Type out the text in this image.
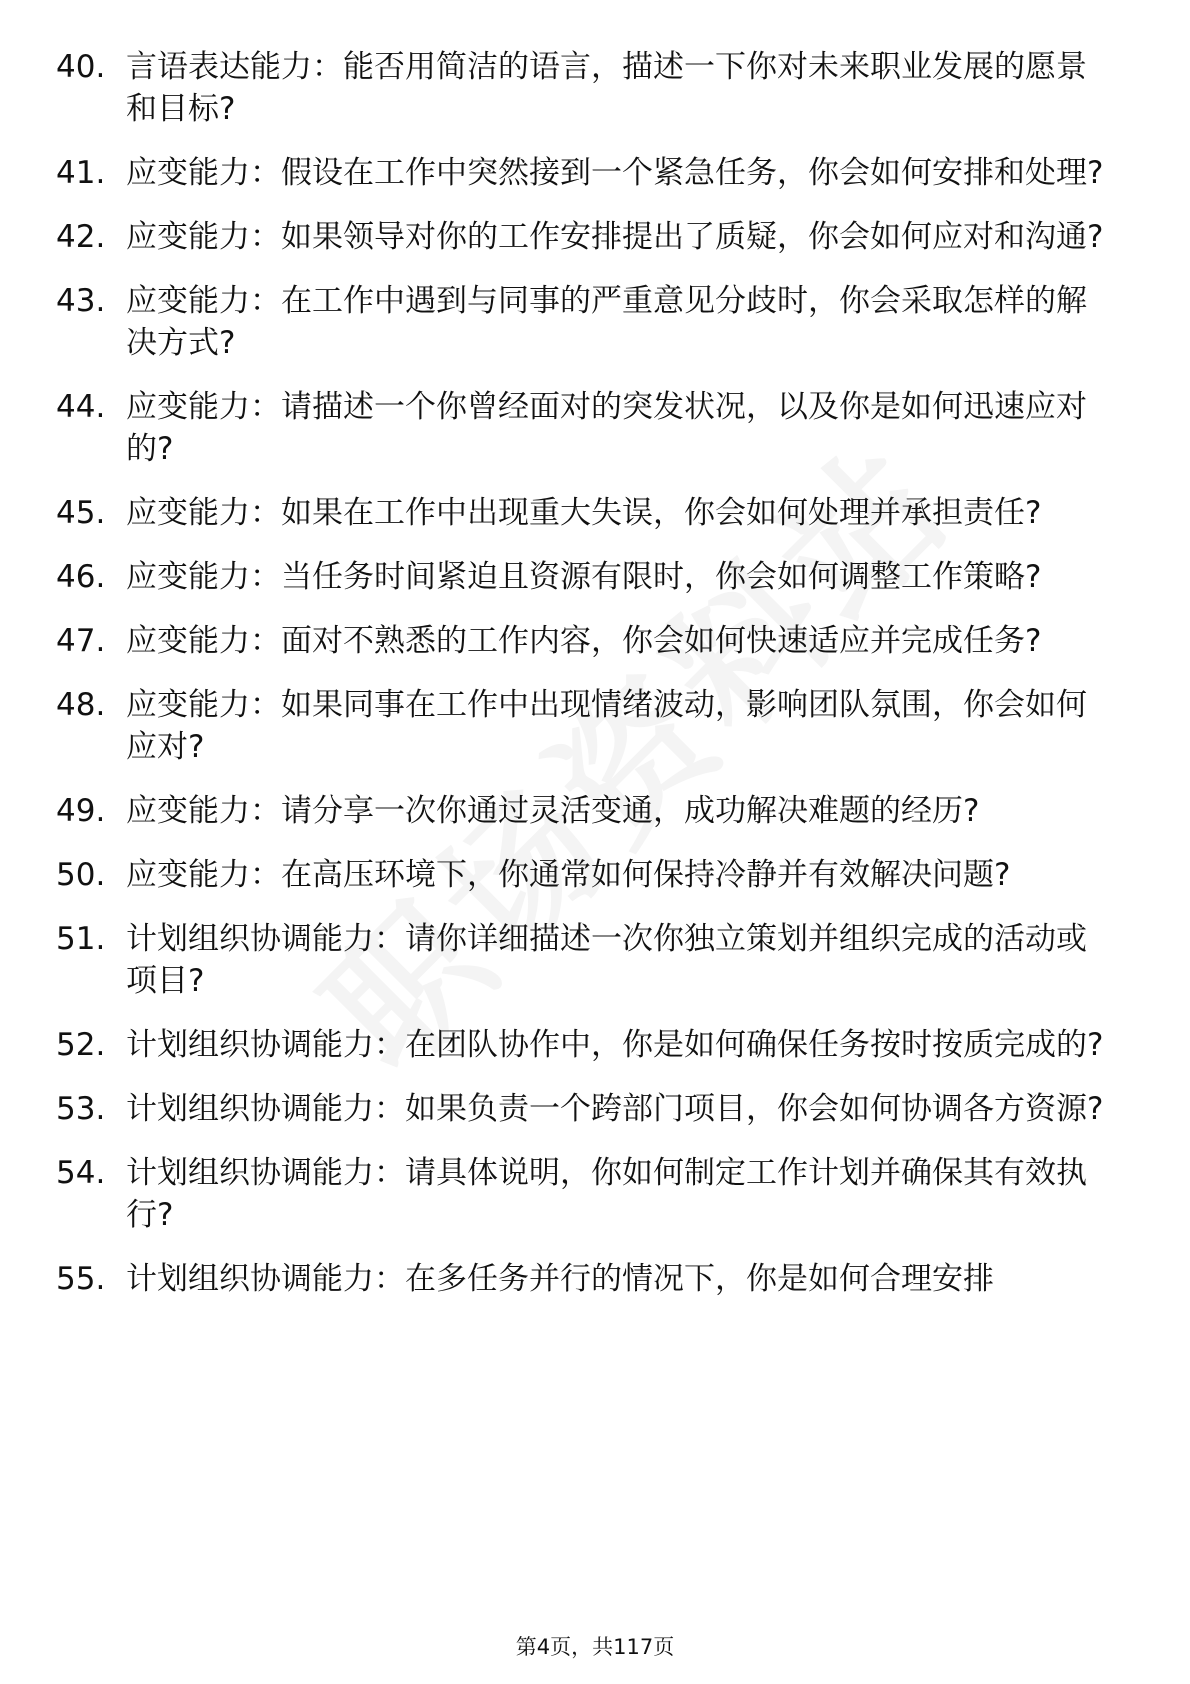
40. 言语表达能力：能否用简洁的语言，描述一下你对未来职业发展的愿景和目标?
41. 应变能力：假设在工作中突然接到一个紧急任务，你会如何安排和处理?
42. 应变能力：如果领导对你的工作安排提出了质疑，你会如何应对和沟通?
43. 应变能力：在工作中遇到与同事的严重意见分歧时，你会采取怎样的解决方式?
44. 应变能力：请描述一个你曾经面对的突发状况，以及你是如何迅速应对的?
45. 应变能力：如果在工作中出现重大失误，你会如何处理并承担责任?
46. 应变能力：当任务时间紧迫且资源有限时，你会如何调整工作策略?
47. 应变能力：面对不熟悉的工作内容，你会如何快速适应并完成任务?
48. 应变能力：如果同事在工作中出现情绪波动，影响团队氛围，你会如何应对?
49. 应变能力：请分享一次你通过灵活变通，成功解决难题的经历?
50. 应变能力：在高压环境下，你通常如何保持冷静并有效解决问题?
51. 计划组织协调能力：请你详细描述一次你独立策划并组织完成的活动或项目?
52. 计划组织协调能力：在团队协作中，你是如何确保任务按时按质完成的?
53. 计划组织协调能力：如果负责一个跨部门项目，你会如何协调各方资源?
54. 计划组织协调能力：请具体说明，你如何制定工作计划并确保其有效执行?
55. 计划组织协调能力：在多任务并行的情况下，你是如何合理安排
第4页，共117页
